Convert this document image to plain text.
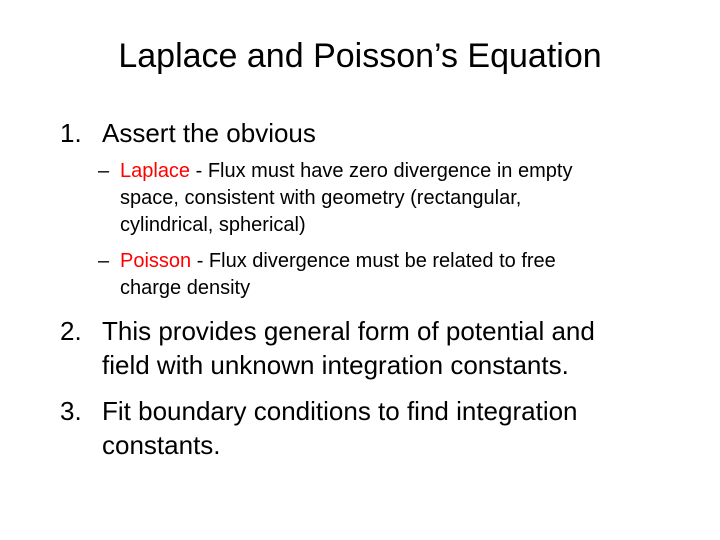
Laplace and Poisson’s Equation
1. Assert the obvious
– Laplace - Flux must have zero divergence in empty
space, consistent with geometry (rectangular,
cylindrical, spherical)
– Poisson - Flux divergence must be related to free
charge density
2. This provides general form of potential and
field with unknown integration constants.
3. Fit boundary conditions to find integration
constants.
